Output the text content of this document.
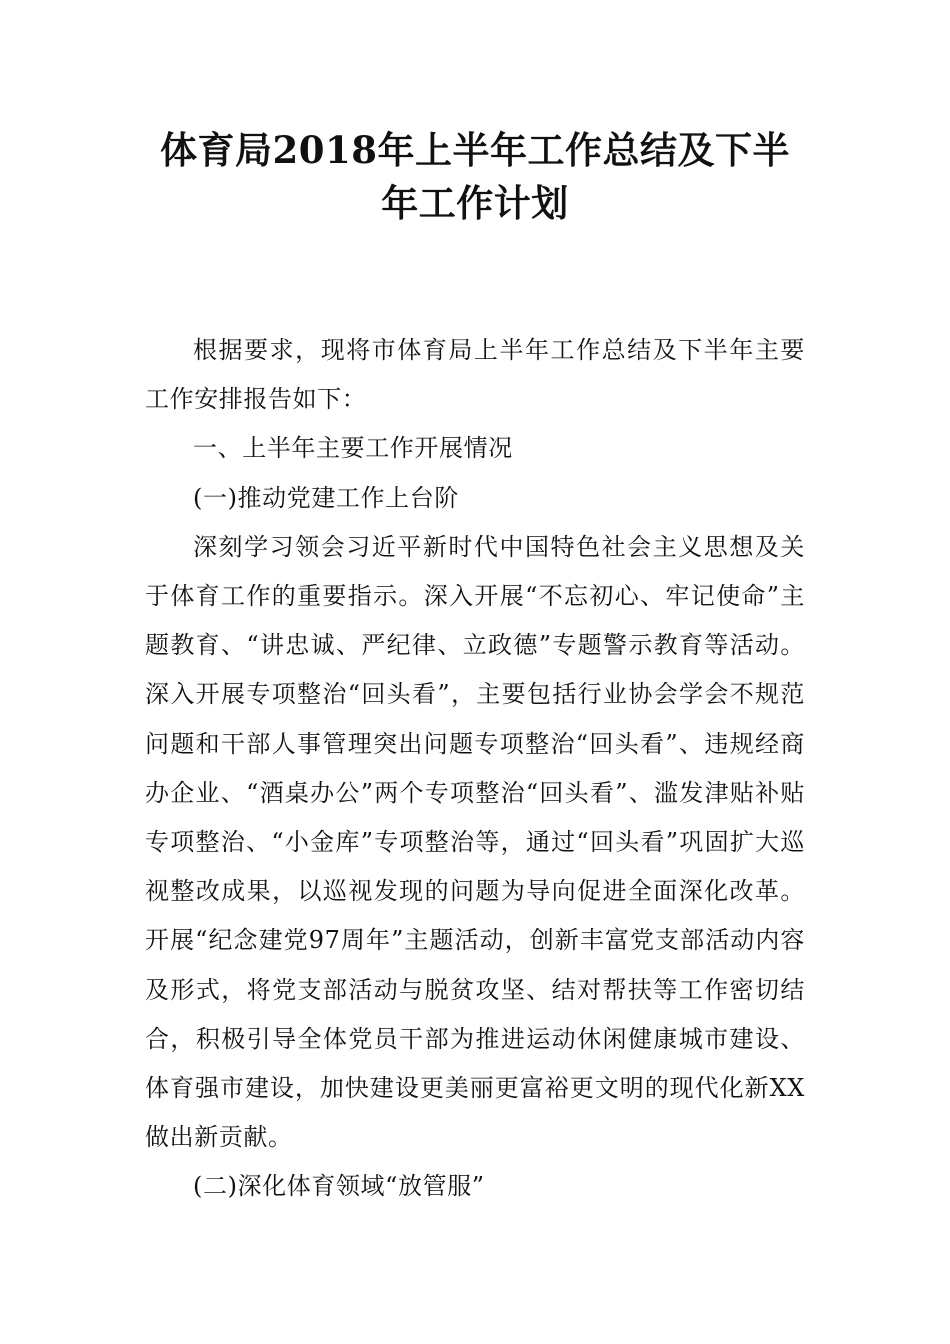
体育局2018年上半年工作总结及下半
年工作计划

根据要求，现将市体育局上半年工作总结及下半年主要工作安排报告如下：

一、上半年主要工作开展情况

(一)推动党建工作上台阶

深刻学习领会习近平新时代中国特色社会主义思想及关于体育工作的重要指示。深入开展“不忘初心、牢记使命”主题教育、“讲忠诚、严纪律、立政德”专题警示教育等活动。深入开展专项整治“回头看”，主要包括行业协会学会不规范问题和干部人事管理突出问题专项整治“回头看”、违规经商办企业、“酒桌办公”两个专项整治“回头看”、滥发津贴补贴专项整治、“小金库”专项整治等，通过“回头看”巩固扩大巡视整改成果，以巡视发现的问题为导向促进全面深化改革。开展“纪念建党97周年”主题活动，创新丰富党支部活动内容及形式，将党支部活动与脱贫攻坚、结对帮扶等工作密切结合，积极引导全体党员干部为推进运动休闲健康城市建设、体育强市建设，加快建设更美丽更富裕更文明的现代化新XX做出新贡献。

(二)深化体育领域“放管服”
